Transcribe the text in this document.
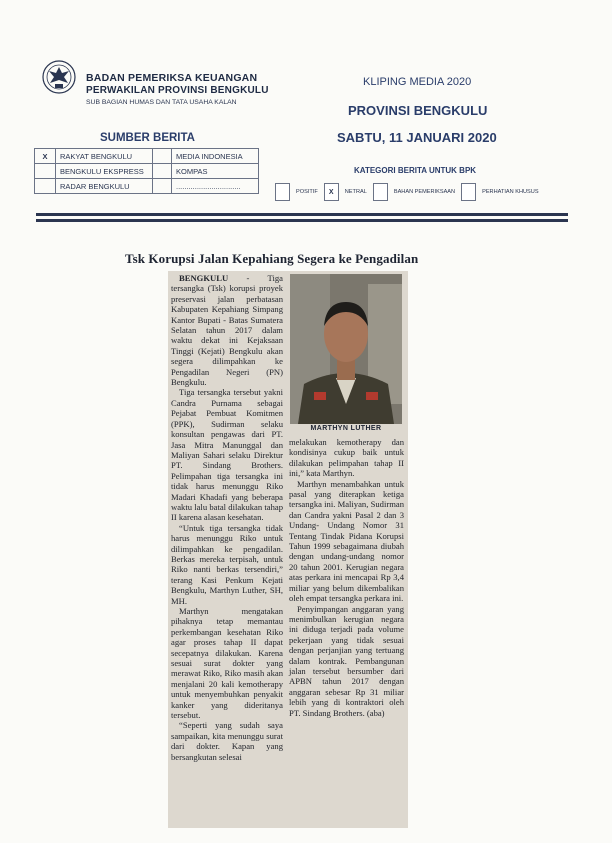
BADAN PEMERIKSA KEUANGAN
PERWAKILAN PROVINSI BENGKULU
SUB BAGIAN HUMAS DAN TATA USAHA KALAN
KLIPING MEDIA 2020
PROVINSI BENGKULU
SABTU, 11 JANUARI 2020
SUMBER BERITA
X	RAKYAT BENGKULU		MEDIA INDONESIA
	BENGKULU EKSPRESS		KOMPAS
	RADAR BENGKULU		...............................
KATEGORI BERITA UNTUK BPK
POSITIF	X	NETRAL	BAHAN PEMERIKSAAN	PERHATIAN KHUSUS
Tsk Korupsi Jalan Kepahiang Segera ke Pengadilan

BENGKULU - Tiga tersangka (Tsk) korupsi proyek preservasi jalan perbatasan Kabupaten Kepahiang Simpang Kantor Bupati - Batas Sumatera Selatan tahun 2017 dalam waktu dekat ini Kejaksaan Tinggi (Kejati) Bengkulu akan segera dilimpahkan ke Pengadilan Negeri (PN) Bengkulu.

Tiga tersangka tersebut yakni Candra Purnama sebagai Pejabat Pembuat Komitmen (PPK), Sudirman selaku konsultan pengawas dari PT. Jasa Mitra Manunggal dan Maliyan Sahari selaku Direktur PT. Sindang Brothers. Pelimpahan tiga tersangka ini tidak harus menunggu Riko Madari Khadafi yang beberapa waktu lalu batal dilakukan tahap II karena alasan kesehatan.

“Untuk tiga tersangka tidak harus menunggu Riko untuk dilimpahkan ke pengadilan. Berkas mereka terpisah, untuk Riko nanti berkas tersendiri,” terang Kasi Penkum Kejati Bengkulu, Marthyn Luther, SH, MH.

Marthyn mengatakan pihaknya tetap memantau perkembangan kesehatan Riko agar proses tahap II dapat secepatnya dilakukan. Karena sesuai surat dokter yang merawat Riko, Riko masih akan menjalani 20 kali kemotherapy untuk menyembuhkan penyakit kanker yang dideritanya tersebut.

“Seperti yang sudah saya sampaikan, kita menunggu surat dari dokter. Kapan yang bersangkutan selesai

MARTHYN LUTHER

melakukan kemotherapy dan kondisinya cukup baik untuk dilakukan pelimpahan tahap II ini,” kata Marthyn.

Marthyn menambahkan untuk pasal yang diterapkan ketiga tersangka ini. Maliyan, Sudirman dan Candra yakni Pasal 2 dan 3 Undang- Undang Nomor 31 Tentang Tindak Pidana Korupsi Tahun 1999 sebagaimana diubah dengan undang-undang nomor 20 tahun 2001. Kerugian negara atas perkara ini mencapai Rp 3,4 miliar yang belum dikembalikan oleh empat tersangka perkara ini.

Penyimpangan anggaran yang menimbulkan kerugian negara ini diduga terjadi pada volume pekerjaan yang tidak sesuai dengan perjanjian yang tertuang dalam kontrak. Pembangunan jalan tersebut bersumber dari APBN tahun 2017 dengan anggaran sebesar Rp 31 miliar lebih yang di kontraktori oleh PT. Sindang Brothers. (aba)
